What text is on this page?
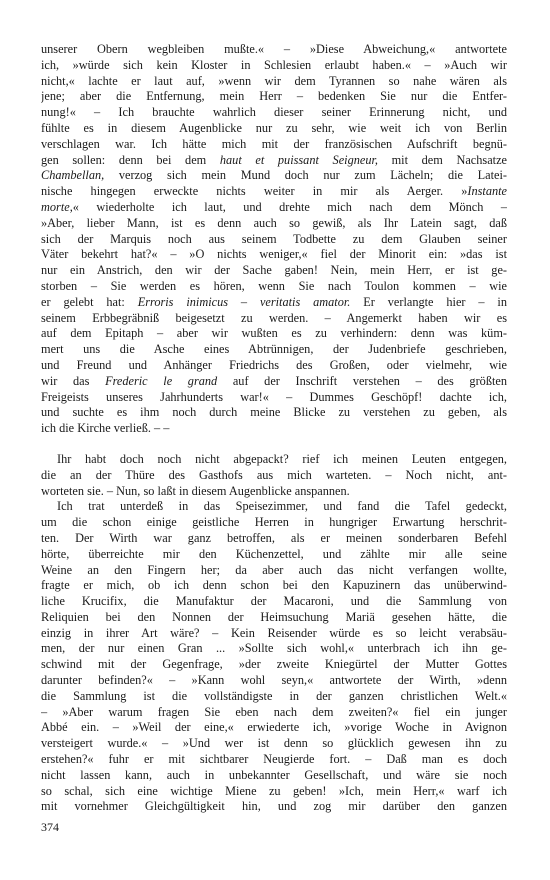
unserer Obern wegbleiben mußte.« – »Diese Abweichung,« antwortete
ich, »würde sich kein Kloster in Schlesien erlaubt haben.« – »Auch wir
nicht,« lachte er laut auf, »wenn wir dem Tyrannen so nahe wären als
jene; aber die Entfernung, mein Herr – bedenken Sie nur die Entfer-
nung!« – Ich brauchte wahrlich dieser seiner Erinnerung nicht, und
fühlte es in diesem Augenblicke nur zu sehr, wie weit ich von Berlin
verschlagen war. Ich hätte mich mit der französischen Aufschrift begnü-
gen sollen: denn bei dem haut et puissant Seigneur, mit dem Nachsatze
Chambellan, verzog sich mein Mund doch nur zum Lächeln; die Latei-
nische hingegen erweckte nichts weiter in mir als Aerger. »Instante
morte,« wiederholte ich laut, und drehte mich nach dem Mönch –
»Aber, lieber Mann, ist es denn auch so gewiß, als Ihr Latein sagt, daß
sich der Marquis noch aus seinem Todbette zu dem Glauben seiner
Väter bekehrt hat?« – »O nichts weniger,« fiel der Minorit ein: »das ist
nur ein Anstrich, den wir der Sache gaben! Nein, mein Herr, er ist ge-
storben – Sie werden es hören, wenn Sie nach Toulon kommen – wie
er gelebt hat: Erroris inimicus – veritatis amator. Er verlangte hier – in
seinem Erbbegräbniß beigesetzt zu werden. – Angemerkt haben wir es
auf dem Epitaph – aber wir wußten es zu verhindern: denn was küm-
mert uns die Asche eines Abtrünnigen, der Judenbriefe geschrieben,
und Freund und Anhänger Friedrichs des Großen, oder vielmehr, wie
wir das Frederic le grand auf der Inschrift verstehen – des größten
Freigeists unseres Jahrhunderts war!« – Dummes Geschöpf! dachte ich,
und suchte es ihm noch durch meine Blicke zu verstehen zu geben, als
ich die Kirche verließ. – –
Ihr habt doch noch nicht abgepackt? rief ich meinen Leuten entgegen,
die an der Thüre des Gasthofs aus mich warteten. – Noch nicht, ant-
worteten sie. – Nun, so laßt in diesem Augenblicke anspannen.
Ich trat unterdeß in das Speisezimmer, und fand die Tafel gedeckt,
um die schon einige geistliche Herren in hungriger Erwartung herschrit-
ten. Der Wirth war ganz betroffen, als er meinen sonderbaren Befehl
hörte, überreichte mir den Küchenzettel, und zählte mir alle seine
Weine an den Fingern her; da aber auch das nicht verfangen wollte,
fragte er mich, ob ich denn schon bei den Kapuzinern das unüberwind-
liche Krucifix, die Manufaktur der Macaroni, und die Sammlung von
Reliquien bei den Nonnen der Heimsuchung Mariä gesehen hätte, die
einzig in ihrer Art wäre? – Kein Reisender würde es so leicht verabsäu-
men, der nur einen Gran ... »Sollte sich wohl,« unterbrach ich ihn ge-
schwind mit der Gegenfrage, »der zweite Kniegürtel der Mutter Gottes
darunter befinden?« – »Kann wohl seyn,« antwortete der Wirth, »denn
die Sammlung ist die vollständigste in der ganzen christlichen Welt.«
– »Aber warum fragen Sie eben nach dem zweiten?« fiel ein junger
Abbé ein. – »Weil der eine,« erwiederte ich, »vorige Woche in Avignon
versteigert wurde.« – »Und wer ist denn so glücklich gewesen ihn zu
erstehen?« fuhr er mit sichtbarer Neugierde fort. – Daß man es doch
nicht lassen kann, auch in unbekannter Gesellschaft, und wäre sie noch
so schal, sich eine wichtige Miene zu geben! »Ich, mein Herr,« warf ich
mit vornehmer Gleichgültigkeit hin, und zog mir darüber den ganzen
374
